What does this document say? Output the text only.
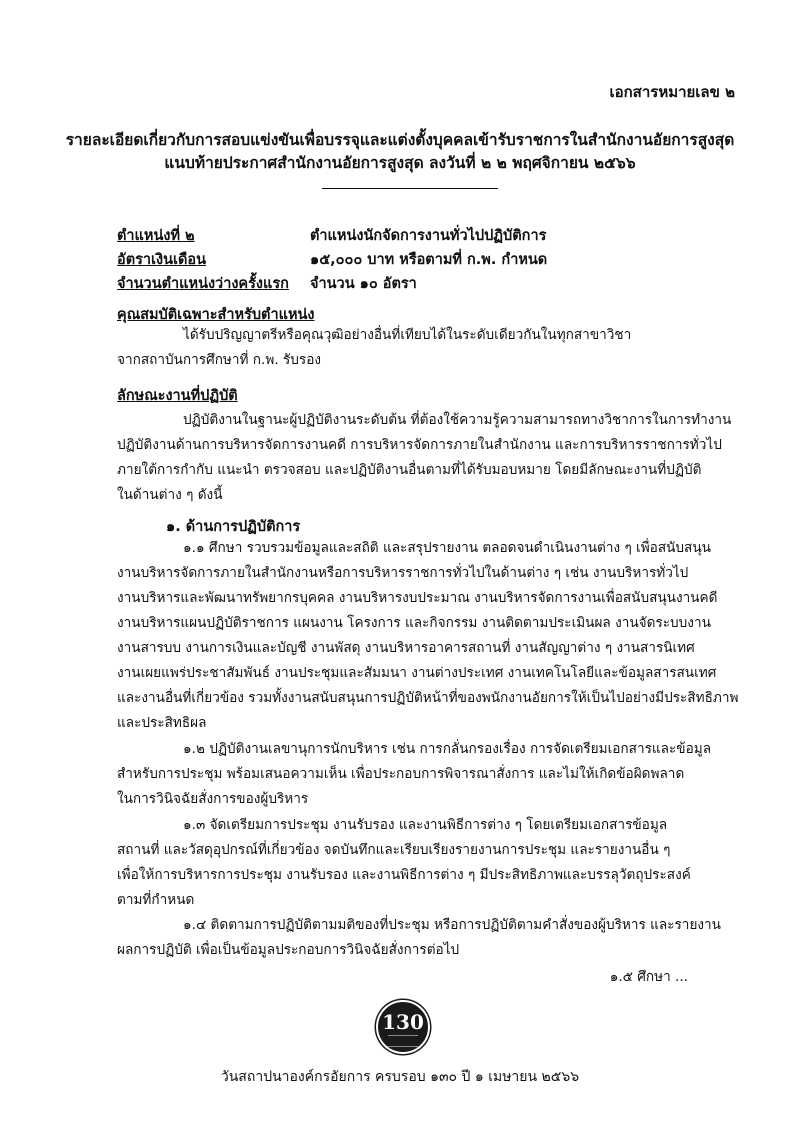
เอกสารหมายเลข ๒
รายละเอียดเกี่ยวกับการสอบแข่งขันเพื่อบรรจุและแต่งตั้งบุคคลเข้ารับราชการในสำนักงานอัยการสูงสุด
แนบท้ายประกาศสำนักงานอัยการสูงสุด ลงวันที่ ๒ ๒ พฤศจิกายน ๒๕๖๖
ตำแหน่งที่ ๒	ตำแหน่งนักจัดการงานทั่วไปปฏิบัติการ
อัตราเงินเดือน	๑๕,๐๐๐ บาท หรือตามที่ ก.พ. กำหนด
จำนวนตำแหน่งว่างครั้งแรก จำนวน ๑๐ อัตรา
คุณสมบัติเฉพาะสำหรับตำแหน่ง
ได้รับปริญญาตรีหรือคุณวุฒิอย่างอื่นที่เทียบได้ในระดับเดียวกันในทุกสาขาวิชา
จากสถาบันการศึกษาที่ ก.พ. รับรอง
ลักษณะงานที่ปฏิบัติ
ปฏิบัติงานในฐานะผู้ปฏิบัติงานระดับต้น ที่ต้องใช้ความรู้ความสามารถทางวิชาการในการทำงาน
ปฏิบัติงานด้านการบริหารจัดการงานคดี การบริหารจัดการภายในสำนักงาน และการบริหารราชการทั่วไป
ภายใต้การกำกับ แนะนำ ตรวจสอบ และปฏิบัติงานอื่นตามที่ได้รับมอบหมาย โดยมีลักษณะงานที่ปฏิบัติ
ในด้านต่าง ๆ ดังนี้
๑. ด้านการปฏิบัติการ
๑.๑ ศึกษา รวบรวมข้อมูลและสถิติ และสรุปรายงาน ตลอดจนดำเนินงานต่าง ๆ เพื่อสนับสนุน
งานบริหารจัดการภายในสำนักงานหรือการบริหารราชการทั่วไปในด้านต่าง ๆ เช่น งานบริหารทั่วไป
งานบริหารและพัฒนาทรัพยากรบุคคล งานบริหารงบประมาณ งานบริหารจัดการงานเพื่อสนับสนุนงานคดี
งานบริหารแผนปฏิบัติราชการ แผนงาน โครงการ และกิจกรรม งานติดตามประเมินผล งานจัดระบบงาน
งานสารบบ งานการเงินและบัญชี งานพัสดุ งานบริหารอาคารสถานที่ งานสัญญาต่าง ๆ งานสารนิเทศ
งานเผยแพร่ประชาสัมพันธ์ งานประชุมและสัมมนา งานต่างประเทศ งานเทคโนโลยีและข้อมูลสารสนเทศ
และงานอื่นที่เกี่ยวข้อง รวมทั้งงานสนับสนุนการปฏิบัติหน้าที่ของพนักงานอัยการให้เป็นไปอย่างมีประสิทธิภาพ
และประสิทธิผล
๑.๒ ปฏิบัติงานเลขานุการนักบริหาร เช่น การกลั่นกรองเรื่อง การจัดเตรียมเอกสารและข้อมูล
สำหรับการประชุม พร้อมเสนอความเห็น เพื่อประกอบการพิจารณาสั่งการ และไม่ให้เกิดข้อผิดพลาด
ในการวินิจฉัยสั่งการของผู้บริหาร
๑.๓ จัดเตรียมการประชุม งานรับรอง และงานพิธีการต่าง ๆ โดยเตรียมเอกสารข้อมูล
สถานที่ และวัสดุอุปกรณ์ที่เกี่ยวข้อง จดบันทึกและเรียบเรียงรายงานการประชุม และรายงานอื่น ๆ
เพื่อให้การบริหารการประชุม งานรับรอง และงานพิธีการต่าง ๆ มีประสิทธิภาพและบรรลุวัตถุประสงค์
ตามที่กำหนด
๑.๔ ติดตามการปฏิบัติตามมติของที่ประชุม หรือการปฏิบัติตามคำสั่งของผู้บริหาร และรายงาน
ผลการปฏิบัติ เพื่อเป็นข้อมูลประกอบการวินิจฉัยสั่งการต่อไป
๑.๕ ศึกษา ...
130
วันสถาปนาองค์กรอัยการ ครบรอบ ๑๓๐ ปี ๑ เมษายน ๒๕๖๖
